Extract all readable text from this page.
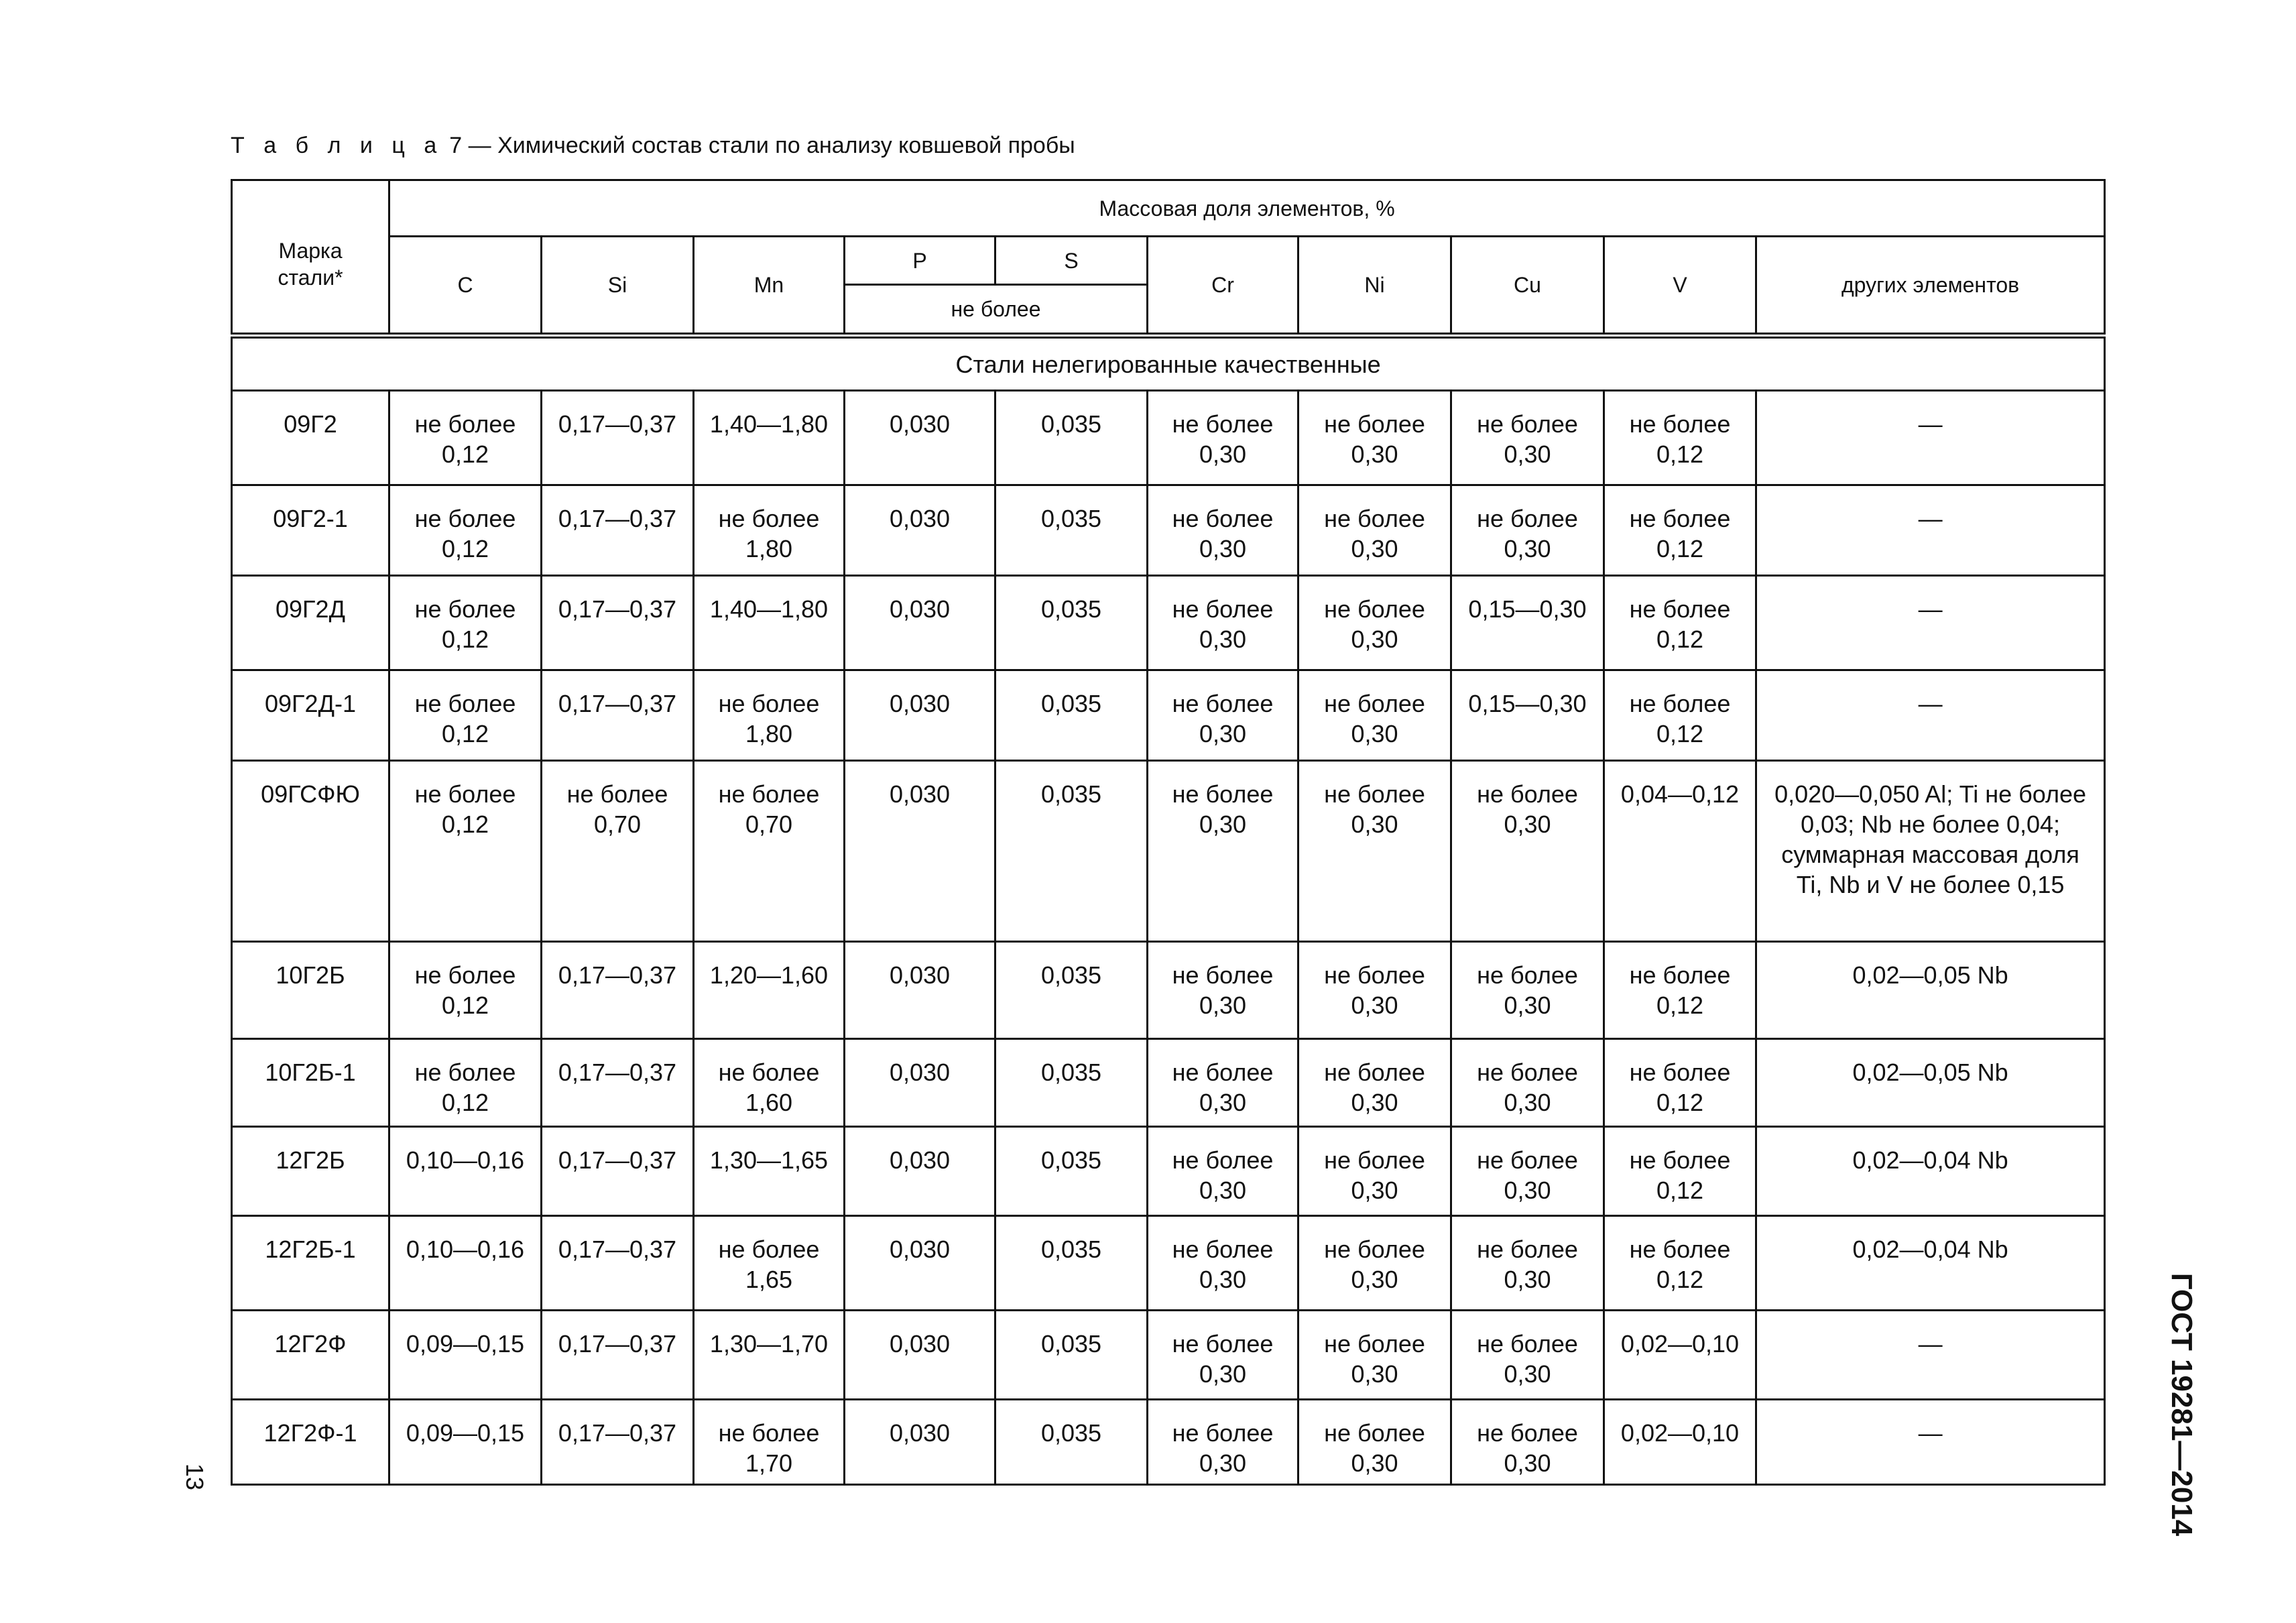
Т а б л и ц а 7 — Химический состав стали по анализу ковшевой пробы
Марка стали*	Массовая доля элементов, %									
	C	Si	Mn	P	S	Cr	Ni	Cu	V	других элементов
				не более						
Стали нелегированные качественные										
09Г2	не более 0,12	0,17—0,37	1,40—1,80	0,030	0,035	не более 0,30	не более 0,30	не более 0,30	не более 0,12	—
09Г2-1	не более 0,12	0,17—0,37	не более 1,80	0,030	0,035	не более 0,30	не более 0,30	не более 0,30	не более 0,12	—
09Г2Д	не более 0,12	0,17—0,37	1,40—1,80	0,030	0,035	не более 0,30	не более 0,30	0,15—0,30	не более 0,12	—
09Г2Д-1	не более 0,12	0,17—0,37	не более 1,80	0,030	0,035	не более 0,30	не более 0,30	0,15—0,30	не более 0,12	—
09ГСФЮ	не более 0,12	не более 0,70	не более 0,70	0,030	0,035	не более 0,30	не более 0,30	не более 0,30	0,04—0,12	0,020—0,050 Al; Ti не более 0,03; Nb не более 0,04; суммарная массовая доля Ti, Nb и V не более 0,15
10Г2Б	не более 0,12	0,17—0,37	1,20—1,60	0,030	0,035	не более 0,30	не более 0,30	не более 0,30	не более 0,12	0,02—0,05 Nb
10Г2Б-1	не более 0,12	0,17—0,37	не более 1,60	0,030	0,035	не более 0,30	не более 0,30	не более 0,30	не более 0,12	0,02—0,05 Nb
12Г2Б	0,10—0,16	0,17—0,37	1,30—1,65	0,030	0,035	не более 0,30	не более 0,30	не более 0,30	не более 0,12	0,02—0,04 Nb
12Г2Б-1	0,10—0,16	0,17—0,37	не более 1,65	0,030	0,035	не более 0,30	не более 0,30	не более 0,30	не более 0,12	0,02—0,04 Nb
12Г2Ф	0,09—0,15	0,17—0,37	1,30—1,70	0,030	0,035	не более 0,30	не более 0,30	не более 0,30	0,02—0,10	—
12Г2Ф-1	0,09—0,15	0,17—0,37	не более 1,70	0,030	0,035	не более 0,30	не более 0,30	не более 0,30	0,02—0,10	—	ГОСТ 19281—2014
13
